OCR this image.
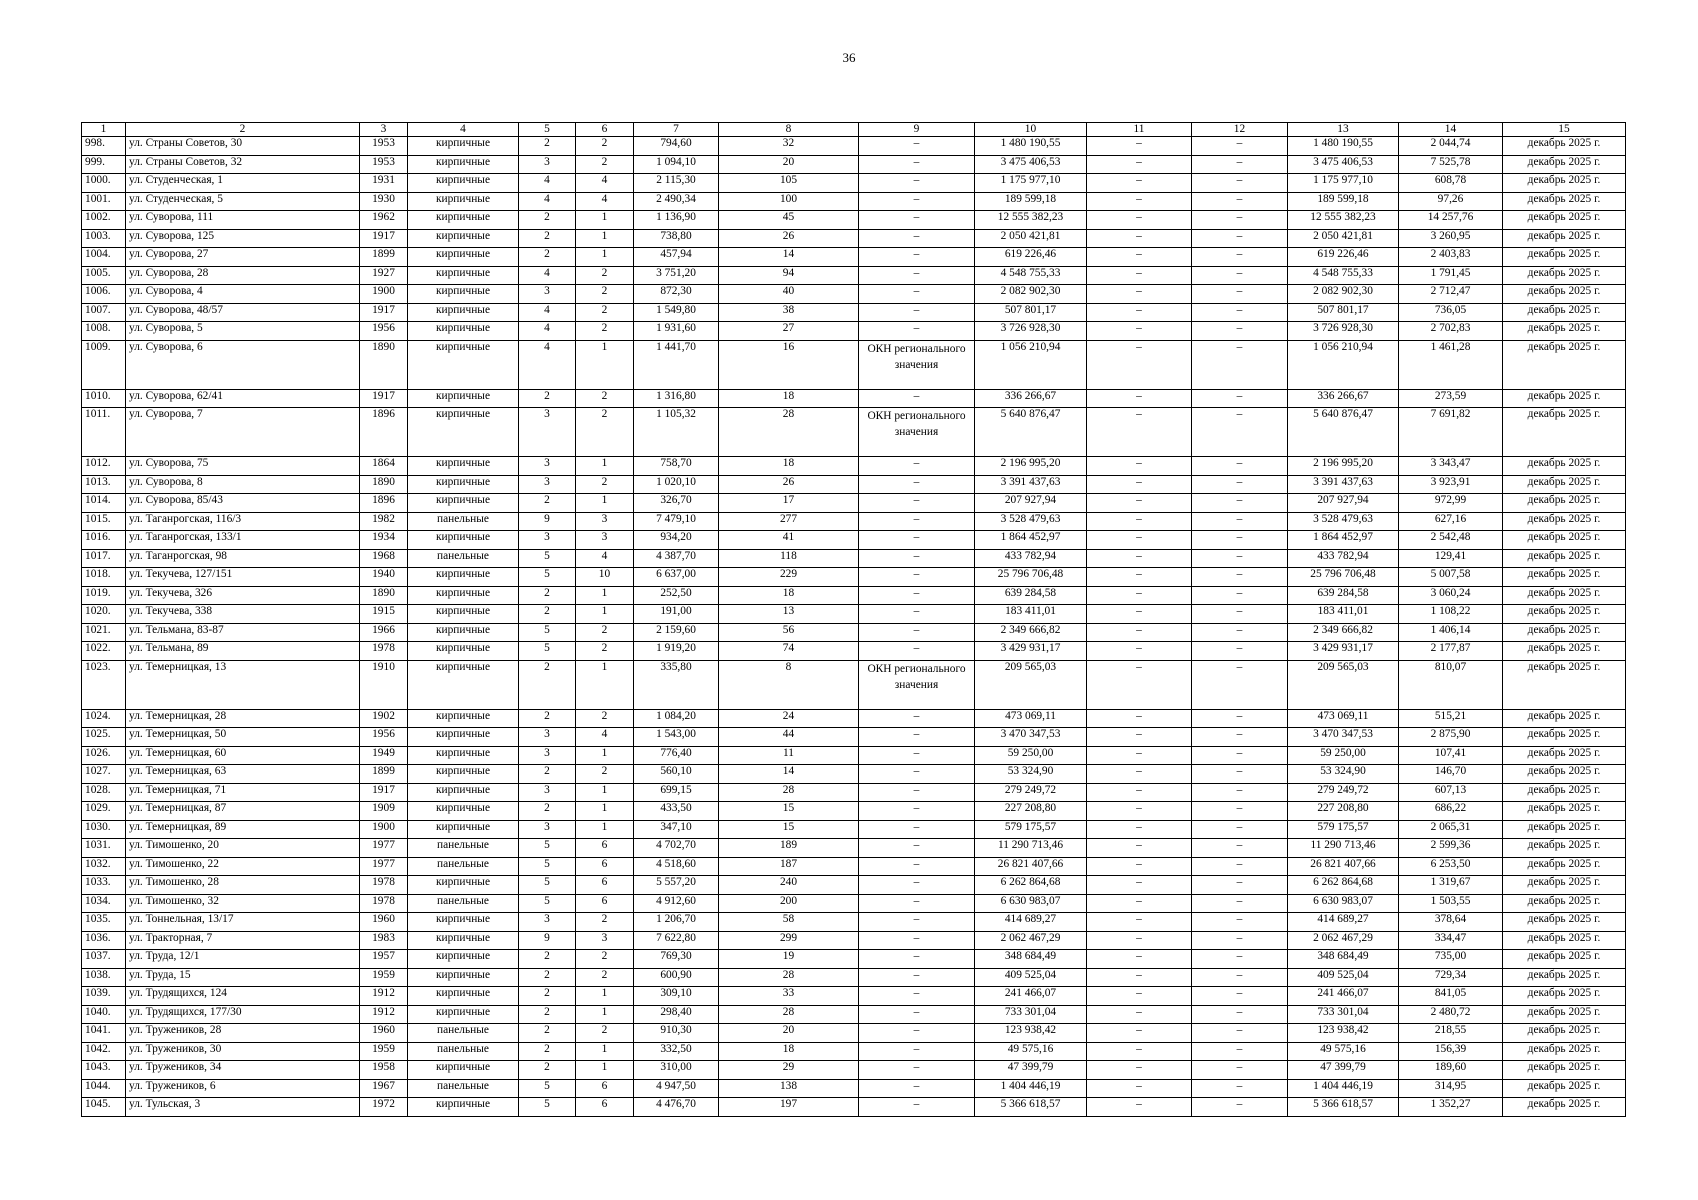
36
1	2	3	4	5	6	7	8	9	10	11	12	13	14	15
998.	ул. Страны Советов, 30	1953	кирпичные	2	2	794,60	32	–	1 480 190,55	–	–	1 480 190,55	2 044,74	декабрь 2025 г.
999.	ул. Страны Советов, 32	1953	кирпичные	3	2	1 094,10	20	–	3 475 406,53	–	–	3 475 406,53	7 525,78	декабрь 2025 г.
1000.	ул. Студенческая, 1	1931	кирпичные	4	4	2 115,30	105	–	1 175 977,10	–	–	1 175 977,10	608,78	декабрь 2025 г.
1001.	ул. Студенческая, 5	1930	кирпичные	4	4	2 490,34	100	–	189 599,18	–	–	189 599,18	97,26	декабрь 2025 г.
1002.	ул. Суворова, 111	1962	кирпичные	2	1	1 136,90	45	–	12 555 382,23	–	–	12 555 382,23	14 257,76	декабрь 2025 г.
1003.	ул. Суворова, 125	1917	кирпичные	2	1	738,80	26	–	2 050 421,81	–	–	2 050 421,81	3 260,95	декабрь 2025 г.
1004.	ул. Суворова, 27	1899	кирпичные	2	1	457,94	14	–	619 226,46	–	–	619 226,46	2 403,83	декабрь 2025 г.
1005.	ул. Суворова, 28	1927	кирпичные	4	2	3 751,20	94	–	4 548 755,33	–	–	4 548 755,33	1 791,45	декабрь 2025 г.
1006.	ул. Суворова, 4	1900	кирпичные	3	2	872,30	40	–	2 082 902,30	–	–	2 082 902,30	2 712,47	декабрь 2025 г.
1007.	ул. Суворова, 48/57	1917	кирпичные	4	2	1 549,80	38	–	507 801,17	–	–	507 801,17	736,05	декабрь 2025 г.
1008.	ул. Суворова, 5	1956	кирпичные	4	2	1 931,60	27	–	3 726 928,30	–	–	3 726 928,30	2 702,83	декабрь 2025 г.
1009.	ул. Суворова, 6	1890	кирпичные	4	1	1 441,70	16	ОКН регионального значения	1 056 210,94	–	–	1 056 210,94	1 461,28	декабрь 2025 г.
1010.	ул. Суворова, 62/41	1917	кирпичные	2	2	1 316,80	18	–	336 266,67	–	–	336 266,67	273,59	декабрь 2025 г.
1011.	ул. Суворова, 7	1896	кирпичные	3	2	1 105,32	28	ОКН регионального значения	5 640 876,47	–	–	5 640 876,47	7 691,82	декабрь 2025 г.
1012.	ул. Суворова, 75	1864	кирпичные	3	1	758,70	18	–	2 196 995,20	–	–	2 196 995,20	3 343,47	декабрь 2025 г.
1013.	ул. Суворова, 8	1890	кирпичные	3	2	1 020,10	26	–	3 391 437,63	–	–	3 391 437,63	3 923,91	декабрь 2025 г.
1014.	ул. Суворова, 85/43	1896	кирпичные	2	1	326,70	17	–	207 927,94	–	–	207 927,94	972,99	декабрь 2025 г.
1015.	ул. Таганрогская, 116/3	1982	панельные	9	3	7 479,10	277	–	3 528 479,63	–	–	3 528 479,63	627,16	декабрь 2025 г.
1016.	ул. Таганрогская, 133/1	1934	кирпичные	3	3	934,20	41	–	1 864 452,97	–	–	1 864 452,97	2 542,48	декабрь 2025 г.
1017.	ул. Таганрогская, 98	1968	панельные	5	4	4 387,70	118	–	433 782,94	–	–	433 782,94	129,41	декабрь 2025 г.
1018.	ул. Текучева, 127/151	1940	кирпичные	5	10	6 637,00	229	–	25 796 706,48	–	–	25 796 706,48	5 007,58	декабрь 2025 г.
1019.	ул. Текучева, 326	1890	кирпичные	2	1	252,50	18	–	639 284,58	–	–	639 284,58	3 060,24	декабрь 2025 г.
1020.	ул. Текучева, 338	1915	кирпичные	2	1	191,00	13	–	183 411,01	–	–	183 411,01	1 108,22	декабрь 2025 г.
1021.	ул. Тельмана, 83-87	1966	кирпичные	5	2	2 159,60	56	–	2 349 666,82	–	–	2 349 666,82	1 406,14	декабрь 2025 г.
1022.	ул. Тельмана, 89	1978	кирпичные	5	2	1 919,20	74	–	3 429 931,17	–	–	3 429 931,17	2 177,87	декабрь 2025 г.
1023.	ул. Темерницкая, 13	1910	кирпичные	2	1	335,80	8	ОКН регионального значения	209 565,03	–	–	209 565,03	810,07	декабрь 2025 г.
1024.	ул. Темерницкая, 28	1902	кирпичные	2	2	1 084,20	24	–	473 069,11	–	–	473 069,11	515,21	декабрь 2025 г.
1025.	ул. Темерницкая, 50	1956	кирпичные	3	4	1 543,00	44	–	3 470 347,53	–	–	3 470 347,53	2 875,90	декабрь 2025 г.
1026.	ул. Темерницкая, 60	1949	кирпичные	3	1	776,40	11	–	59 250,00	–	–	59 250,00	107,41	декабрь 2025 г.
1027.	ул. Темерницкая, 63	1899	кирпичные	2	2	560,10	14	–	53 324,90	–	–	53 324,90	146,70	декабрь 2025 г.
1028.	ул. Темерницкая, 71	1917	кирпичные	3	1	699,15	28	–	279 249,72	–	–	279 249,72	607,13	декабрь 2025 г.
1029.	ул. Темерницкая, 87	1909	кирпичные	2	1	433,50	15	–	227 208,80	–	–	227 208,80	686,22	декабрь 2025 г.
1030.	ул. Темерницкая, 89	1900	кирпичные	3	1	347,10	15	–	579 175,57	–	–	579 175,57	2 065,31	декабрь 2025 г.
1031.	ул. Тимошенко, 20	1977	панельные	5	6	4 702,70	189	–	11 290 713,46	–	–	11 290 713,46	2 599,36	декабрь 2025 г.
1032.	ул. Тимошенко, 22	1977	панельные	5	6	4 518,60	187	–	26 821 407,66	–	–	26 821 407,66	6 253,50	декабрь 2025 г.
1033.	ул. Тимошенко, 28	1978	кирпичные	5	6	5 557,20	240	–	6 262 864,68	–	–	6 262 864,68	1 319,67	декабрь 2025 г.
1034.	ул. Тимошенко, 32	1978	панельные	5	6	4 912,60	200	–	6 630 983,07	–	–	6 630 983,07	1 503,55	декабрь 2025 г.
1035.	ул. Тоннельная, 13/17	1960	кирпичные	3	2	1 206,70	58	–	414 689,27	–	–	414 689,27	378,64	декабрь 2025 г.
1036.	ул. Тракторная, 7	1983	кирпичные	9	3	7 622,80	299	–	2 062 467,29	–	–	2 062 467,29	334,47	декабрь 2025 г.
1037.	ул. Труда, 12/1	1957	кирпичные	2	2	769,30	19	–	348 684,49	–	–	348 684,49	735,00	декабрь 2025 г.
1038.	ул. Труда, 15	1959	кирпичные	2	2	600,90	28	–	409 525,04	–	–	409 525,04	729,34	декабрь 2025 г.
1039.	ул. Трудящихся, 124	1912	кирпичные	2	1	309,10	33	–	241 466,07	–	–	241 466,07	841,05	декабрь 2025 г.
1040.	ул. Трудящихся, 177/30	1912	кирпичные	2	1	298,40	28	–	733 301,04	–	–	733 301,04	2 480,72	декабрь 2025 г.
1041.	ул. Тружеников, 28	1960	панельные	2	2	910,30	20	–	123 938,42	–	–	123 938,42	218,55	декабрь 2025 г.
1042.	ул. Тружеников, 30	1959	панельные	2	1	332,50	18	–	49 575,16	–	–	49 575,16	156,39	декабрь 2025 г.
1043.	ул. Тружеников, 34	1958	кирпичные	2	1	310,00	29	–	47 399,79	–	–	47 399,79	189,60	декабрь 2025 г.
1044.	ул. Тружеников, 6	1967	панельные	5	6	4 947,50	138	–	1 404 446,19	–	–	1 404 446,19	314,95	декабрь 2025 г.
1045.	ул. Тульская, 3	1972	кирпичные	5	6	4 476,70	197	–	5 366 618,57	–	–	5 366 618,57	1 352,27	декабрь 2025 г.
